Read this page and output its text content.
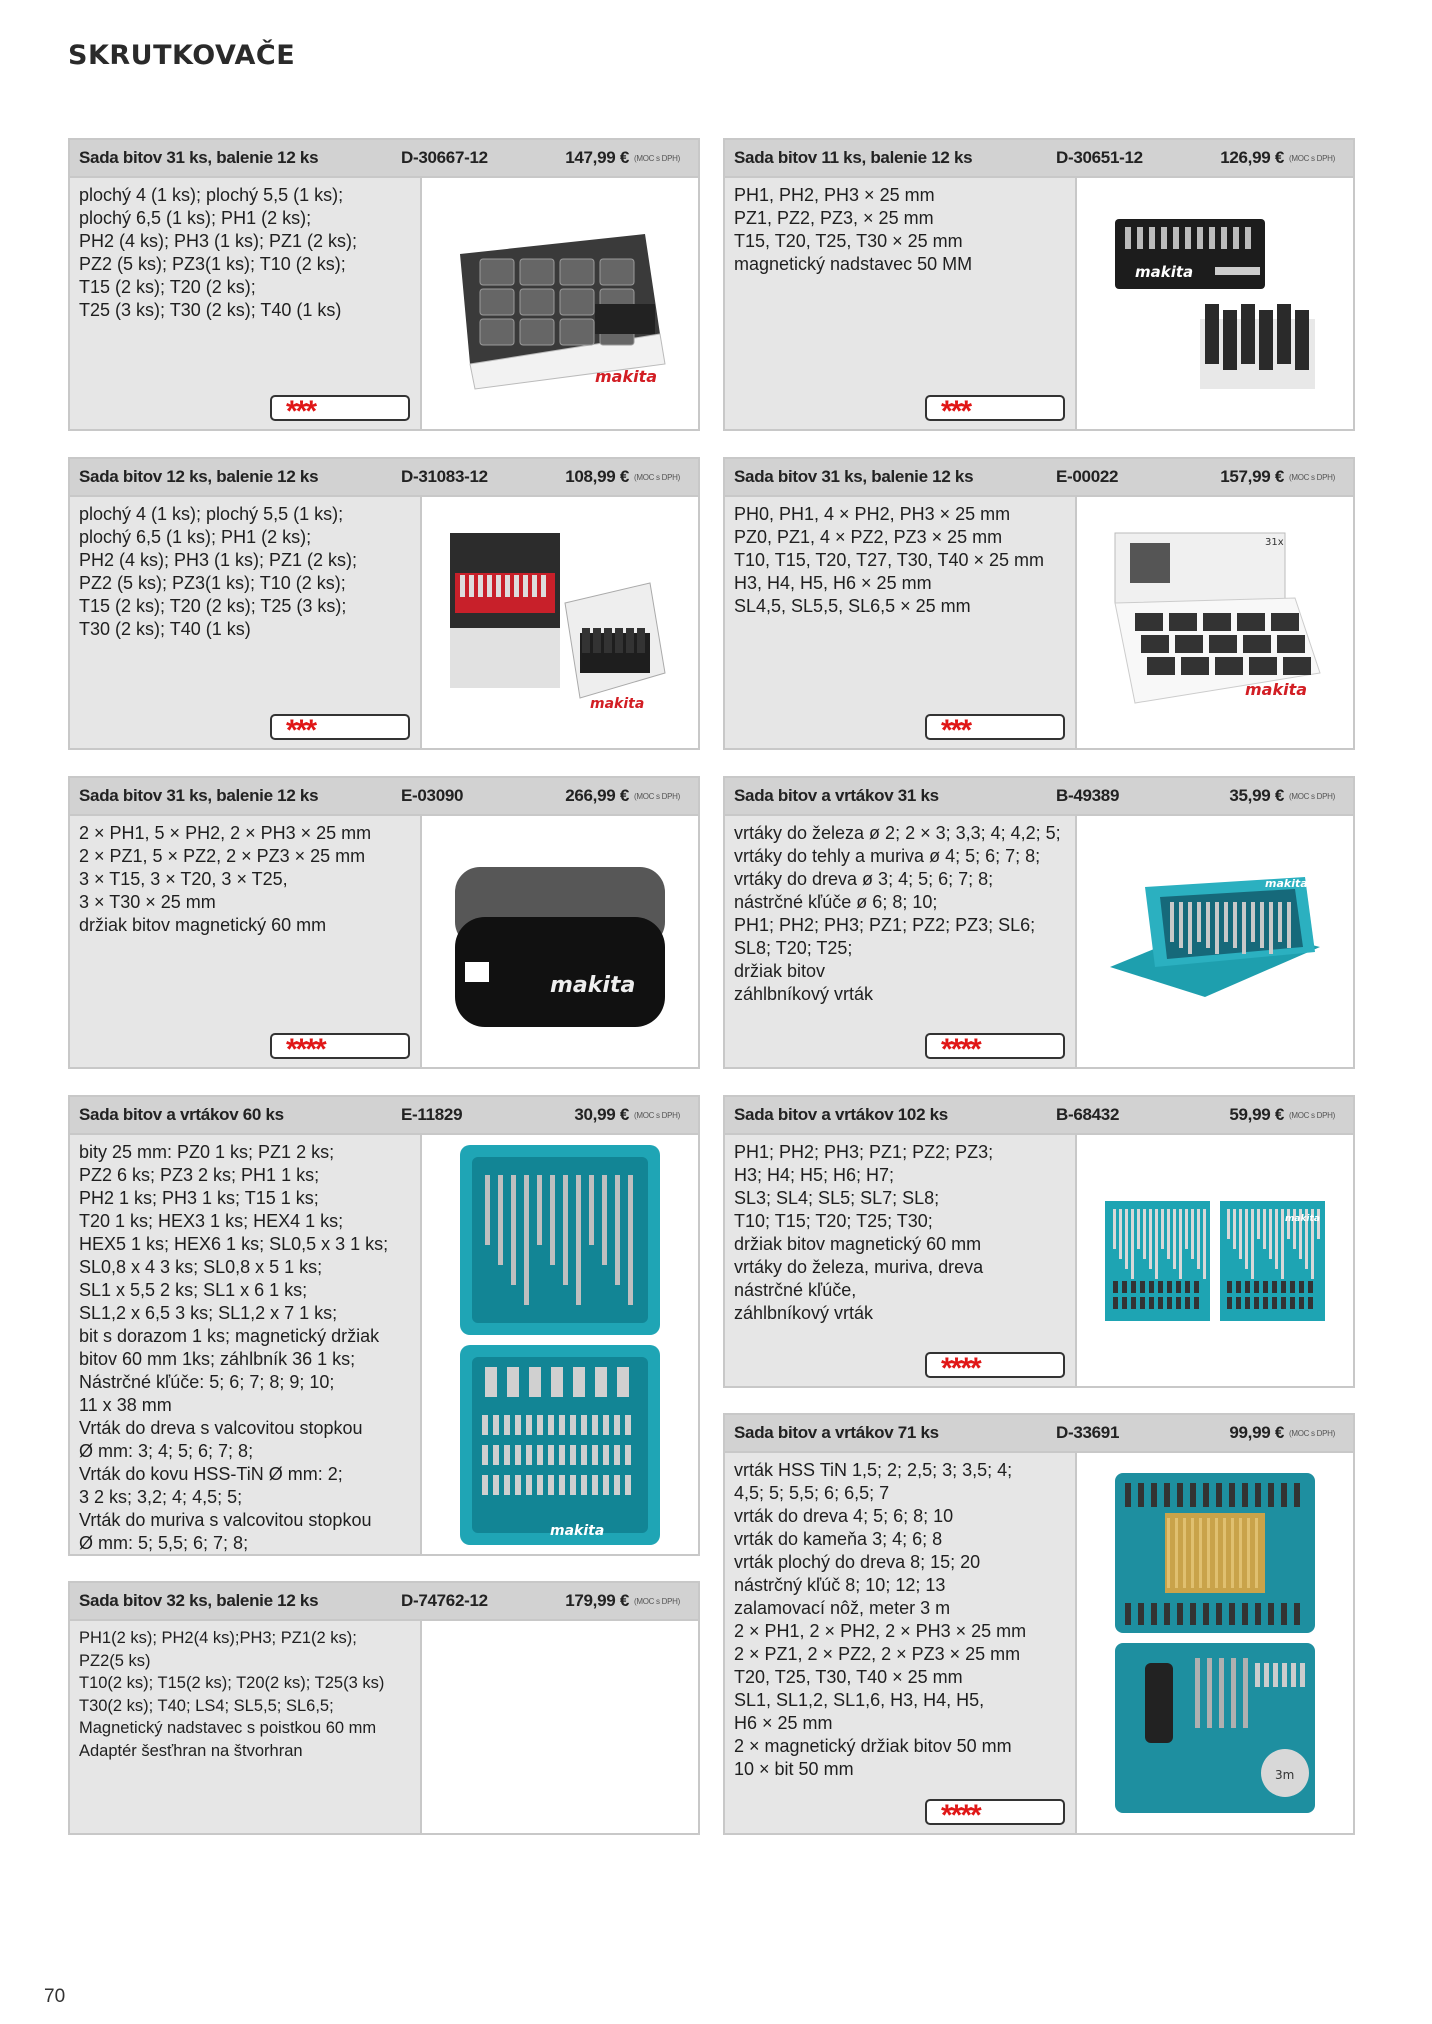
SKRUTKOVAČE
Sada bitov 31 ks, balenie 12 ks	D-30667-12	147,99 € (MOC s DPH)
plochý 4 (1 ks); plochý 5,5 (1 ks);
plochý 6,5 (1 ks); PH1 (2 ks);
PH2 (4 ks); PH3 (1 ks); PZ1 (2 ks);
PZ2 (5 ks); PZ3(1 ks); T10 (2 ks);
T15 (2 ks); T20 (2 ks);
T25 (3 ks); T30 (2 ks); T40 (1 ks)
***
makita
Sada bitov 11 ks, balenie 12 ks	D-30651-12	126,99 € (MOC s DPH)
PH1, PH2, PH3 × 25 mm
PZ1, PZ2, PZ3, × 25 mm
T15, T20, T25, T30 × 25 mm
magnetický nadstavec 50 MM
***
makita
Sada bitov 12 ks, balenie 12 ks	D-31083-12	108,99 € (MOC s DPH)
plochý 4 (1 ks); plochý 5,5 (1 ks);
plochý 6,5 (1 ks); PH1 (2 ks);
PH2 (4 ks); PH3 (1 ks); PZ1 (2 ks);
PZ2 (5 ks); PZ3(1 ks); T10 (2 ks);
T15 (2 ks); T20 (2 ks); T25 (3 ks);
T30 (2 ks); T40 (1 ks)
***
makita
Sada bitov 31 ks, balenie 12 ks	E-00022	157,99 € (MOC s DPH)
PH0, PH1, 4 × PH2, PH3 × 25 mm
PZ0, PZ1, 4 × PZ2, PZ3 × 25 mm
T10, T15, T20, T27, T30, T40 × 25 mm
H3, H4, H5, H6 × 25 mm
SL4,5, SL5,5, SL6,5 × 25 mm
***
31x
makita
Sada bitov 31 ks, balenie 12 ks	E-03090	266,99 € (MOC s DPH)
2 × PH1, 5 × PH2, 2 × PH3 × 25 mm
2 × PZ1, 5 × PZ2, 2 × PZ3 × 25 mm
3 × T15, 3 × T20, 3 × T25,
3 × T30 × 25 mm
držiak bitov magnetický 60 mm
****
makita
Sada bitov a vrtákov 31 ks	B-49389	35,99 € (MOC s DPH)
vrtáky do železa ø 2; 2 × 3; 3,3; 4; 4,2; 5;
vrtáky do tehly a muriva ø 4; 5; 6; 7; 8;
vrtáky do dreva ø 3; 4; 5; 6; 7; 8;
nástrčné kľúče ø 6; 8; 10;
PH1; PH2; PH3; PZ1; PZ2; PZ3; SL6;
SL8; T20; T25;
držiak bitov
záhlbníkový vrták
****
makita
Sada bitov a vrtákov 60 ks	E-11829	30,99 € (MOC s DPH)
bity 25 mm: PZ0 1 ks; PZ1 2 ks;
PZ2 6 ks; PZ3 2 ks; PH1 1 ks;
PH2 1 ks; PH3 1 ks; T15 1 ks;
T20 1 ks; HEX3 1 ks; HEX4 1 ks;
HEX5 1 ks; HEX6 1 ks; SL0,5 x 3 1 ks;
SL0,8 x 4 3 ks; SL0,8 x 5 1 ks;
SL1 x 5,5 2 ks; SL1 x 6 1 ks;
SL1,2 x 6,5 3 ks; SL1,2 x 7 1 ks;
bit s dorazom 1 ks; magnetický držiak
bitov 60 mm 1ks; záhlbník 36 1 ks;
Nástrčné kľúče: 5; 6; 7; 8; 9; 10;
11 x 38 mm
Vrták do dreva s valcovitou stopkou
Ø mm: 3; 4; 5; 6; 7; 8;
Vrták do kovu HSS-TiN Ø mm: 2;
3 2 ks; 3,2; 4; 4,5; 5;
Vrták do muriva s valcovitou stopkou
Ø mm: 5; 5,5; 6; 7; 8;
makita
Sada bitov a vrtákov 102 ks	B-68432	59,99 € (MOC s DPH)
PH1; PH2; PH3; PZ1; PZ2; PZ3;
H3; H4; H5; H6; H7;
SL3; SL4; SL5; SL7; SL8;
T10; T15; T20; T25; T30;
držiak bitov magnetický 60 mm
vrtáky do železa, muriva, dreva
nástrčné kľúče,
záhlbníkový vrták
****
makita
Sada bitov 32 ks, balenie 12 ks	D-74762-12	179,99 € (MOC s DPH)
PH1(2 ks); PH2(4 ks);PH3; PZ1(2 ks);
PZ2(5 ks)
T10(2 ks); T15(2 ks); T20(2 ks); T25(3 ks)
T30(2 ks); T40; LS4; SL5,5; SL6,5;
Magnetický nadstavec s poistkou 60 mm
Adaptér šesťhran na štvorhran
Sada bitov a vrtákov 71 ks	D-33691	99,99 € (MOC s DPH)
vrták HSS TiN 1,5; 2; 2,5; 3; 3,5; 4;
4,5; 5; 5,5; 6; 6,5; 7
vrták do dreva 4; 5; 6; 8; 10
vrták do kameňa 3; 4; 6; 8
vrták plochý do dreva 8; 15; 20
nástrčný kľúč 8; 10; 12; 13
zalamovací nôž, meter 3 m
2 × PH1, 2 × PH2, 2 × PH3 × 25 mm
2 × PZ1, 2 × PZ2, 2 × PZ3 × 25 mm
T20, T25, T30, T40 × 25 mm
SL1, SL1,2, SL1,6, H3, H4, H5,
H6 × 25 mm
2 × magnetický držiak bitov 50 mm
10 × bit 50 mm
****
3m
70
